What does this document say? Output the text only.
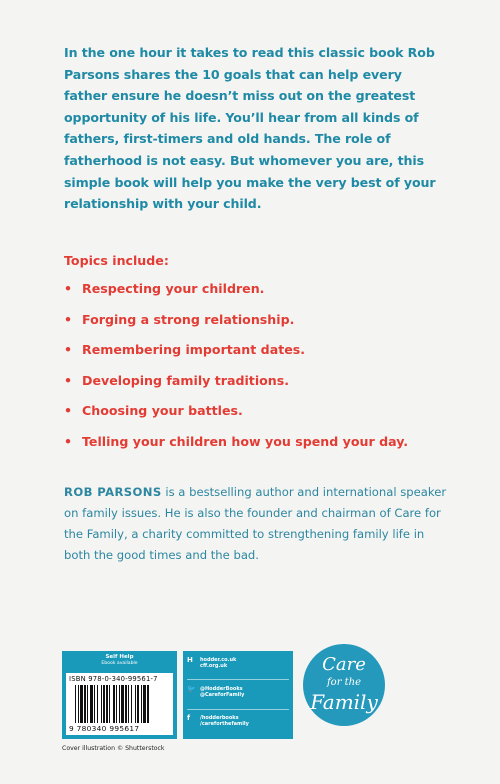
In the one hour it takes to read this classic book Rob Parsons shares the 10 goals that can help every father ensure he doesn’t miss out on the greatest opportunity of his life. You’ll hear from all kinds of fathers, first-timers and old hands. The role of fatherhood is not easy. But whomever you are, this simple book will help you make the very best of your relationship with your child.

Topics include:

• Respecting your children.
• Forging a strong relationship.
• Remembering important dates.
• Developing family traditions.
• Choosing your battles.
• Telling your children how you spend your day.

ROB PARSONS is a bestselling author and international speaker on family issues. He is also the founder and chairman of Care for the Family, a charity committed to strengthening family life in both the good times and the bad.

Self Help
Ebook available
ISBN 978-0-340-99561-7
9 780340 995617
H	hodder.co.uk
cff.org.uk
🐦 @HodderBooks
@CareforFamily
f	/hodderbooks
/careforthefamily
Care
for the
Family
Cover illustration © Shutterstock
